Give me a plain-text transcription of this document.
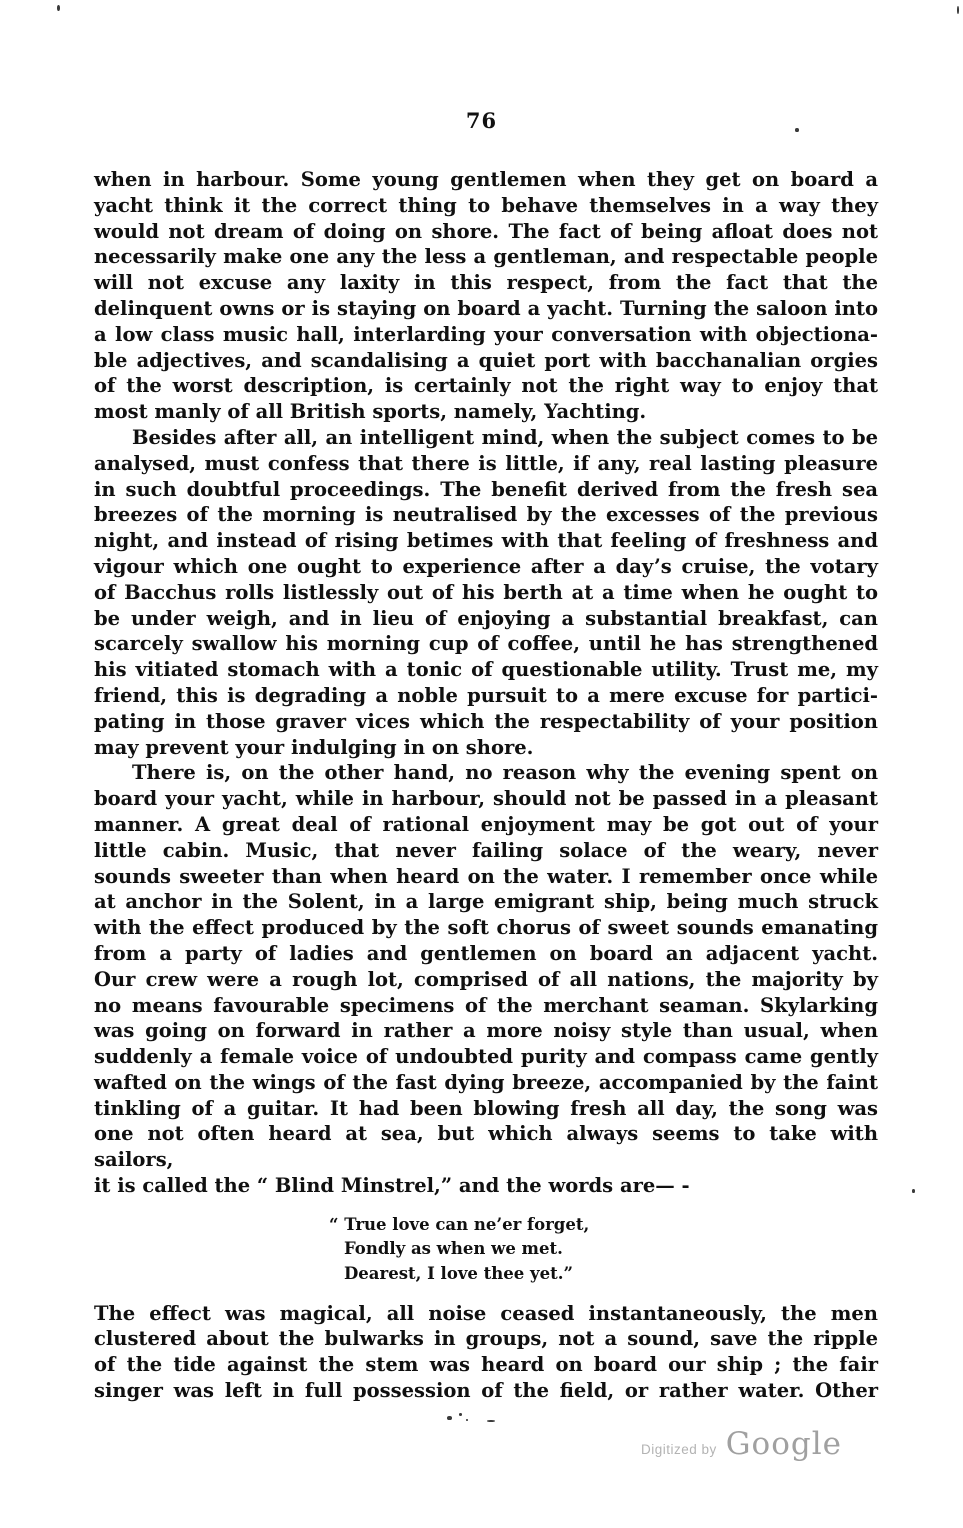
76
when in harbour. Some young gentlemen when they get on board a
yacht think it the correct thing to behave themselves in a way they
would not dream of doing on shore. The fact of being afloat does not
necessarily make one any the less a gentleman, and respectable people
will not excuse any laxity in this respect, from the fact that the
delinquent owns or is staying on board a yacht. Turning the saloon into
a low class music hall, interlarding your conversation with objectiona-
ble adjectives, and scandalising a quiet port with bacchanalian orgies
of the worst description, is certainly not the right way to enjoy that
most manly of all British sports, namely, Yachting.
Besides after all, an intelligent mind, when the subject comes to be
analysed, must confess that there is little, if any, real lasting pleasure
in such doubtful proceedings. The benefit derived from the fresh sea
breezes of the morning is neutralised by the excesses of the previous
night, and instead of rising betimes with that feeling of freshness and
vigour which one ought to experience after a day’s cruise, the votary
of Bacchus rolls listlessly out of his berth at a time when he ought to
be under weigh, and in lieu of enjoying a substantial breakfast, can
scarcely swallow his morning cup of coffee, until he has strengthened
his vitiated stomach with a tonic of questionable utility. Trust me, my
friend, this is degrading a noble pursuit to a mere excuse for partici-
pating in those graver vices which the respectability of your position
may prevent your indulging in on shore.
There is, on the other hand, no reason why the evening spent on
board your yacht, while in harbour, should not be passed in a pleasant
manner. A great deal of rational enjoyment may be got out of your
little cabin. Music, that never failing solace of the weary, never
sounds sweeter than when heard on the water. I remember once while
at anchor in the Solent, in a large emigrant ship, being much struck
with the effect produced by the soft chorus of sweet sounds emanating
from a party of ladies and gentlemen on board an adjacent yacht.
Our crew were a rough lot, comprised of all nations, the majority by
no means favourable specimens of the merchant seaman. Skylarking
was going on forward in rather a more noisy style than usual, when
suddenly a female voice of undoubted purity and compass came gently
wafted on the wings of the fast dying breeze, accompanied by the faint
tinkling of a guitar. It had been blowing fresh all day, the song was
one not often heard at sea, but which always seems to take with sailors,
it is called the “ Blind Minstrel,” and the words are— -
“ True love can ne’er forget,
Fondly as when we met.
Dearest, I love thee yet.”
The effect was magical, all noise ceased instantaneously, the men
clustered about the bulwarks in groups, not a sound, save the ripple
of the tide against the stem was heard on board our ship ; the fair
singer was left in full possession of the field, or rather water. Other
Digitized by Google
